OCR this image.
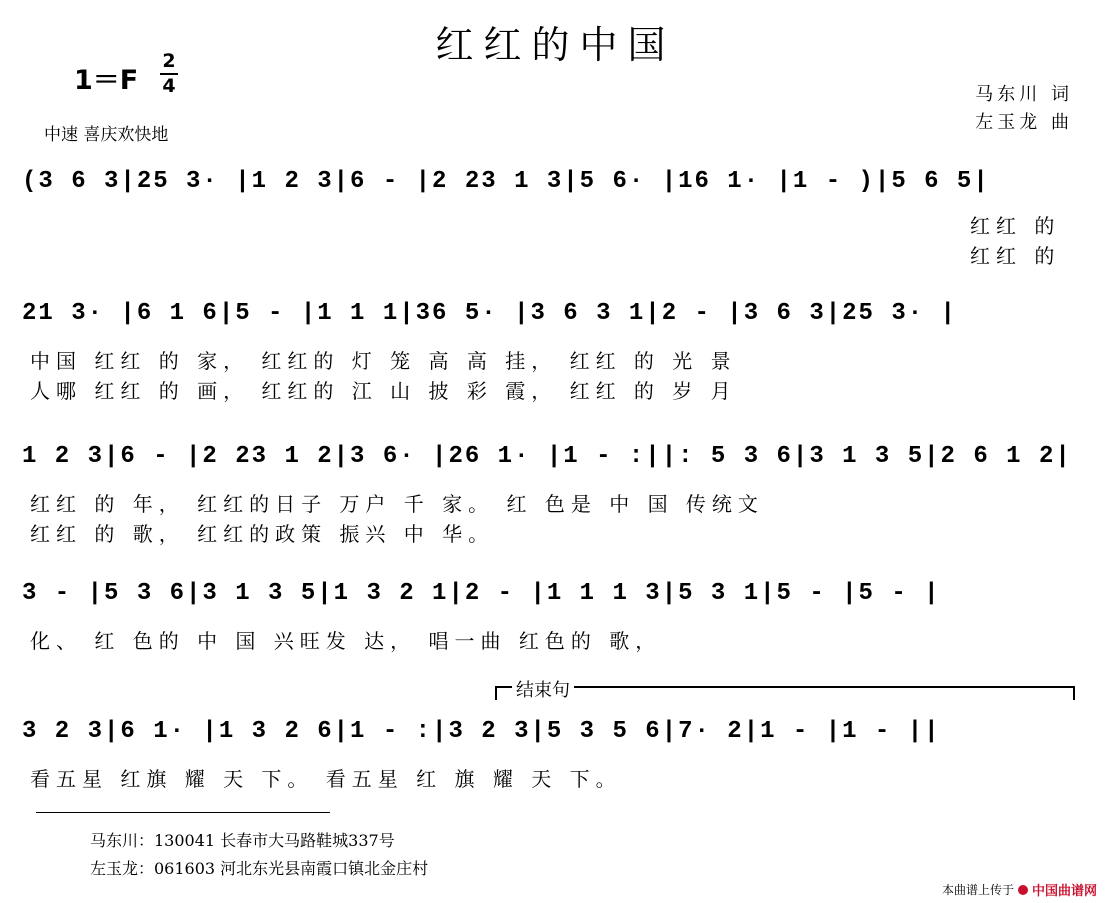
红红的中国
1＝F
2
4
中速 喜庆欢快地
马东川 词
左玉龙 曲
(3 6 3|25 3· |1 2 3|6 - |2 23 1 3|5 6· |16 1· |1 - )|5 6 5|
红红 的
红红 的
21 3· |6 1 6|5 - |1 1 1|36 5· |3 6 3 1|2 - |3 6 3|25 3· |
中国 红红 的 家， 红红的 灯 笼 高 高 挂， 红红 的 光 景
人哪 红红 的 画， 红红的 江 山 披 彩 霞， 红红 的 岁 月
1 2 3|6 - |2 23 1 2|3 6· |26 1· |1 - :||: 5 3 6|3 1 3 5|2 6 1 2|
红红 的 年， 红红的日子 万户 千 家。 红 色是 中 国 传统文
红红 的 歌， 红红的政策 振兴 中 华。
3 - |5 3 6|3 1 3 5|1 3 2 1|2 - |1 1 1 3|5 3 1|5 - |5 - |
化、 红 色的 中 国 兴旺发 达， 唱一曲 红色的 歌，
结束句
3 2 3|6 1· |1 3 2 6|1 - :|3 2 3|5 3 5 6|7· 2|1 - |1 - ||
看五星 红旗 耀 天 下。 看五星 红 旗 耀 天 下。
马东川：130041 长春市大马路鞋城337号
左玉龙：061603 河北东光县南霞口镇北金庄村
本曲谱上传于 中国曲谱网
